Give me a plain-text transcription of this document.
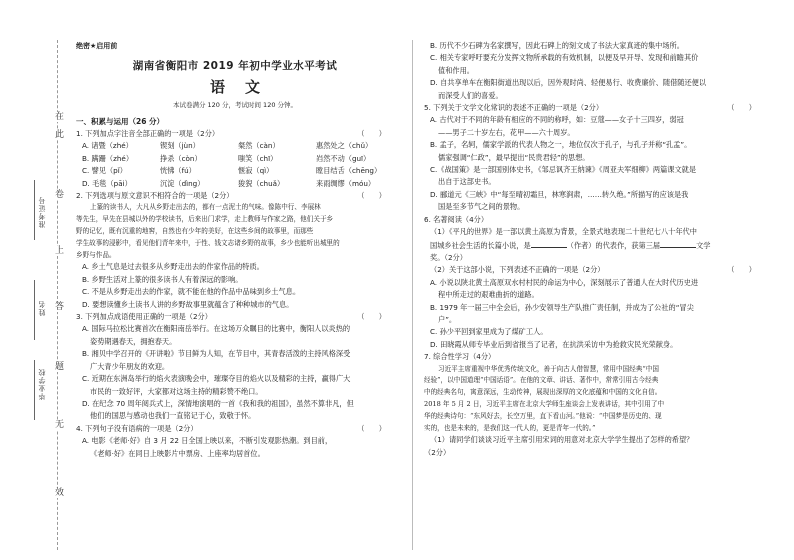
在
此
卷
上
答
题
无
效
准考证号
姓名
毕业学校
绝密★启用前
湖南省衡阳市 2019 年初中学业水平考试
语文
本试卷满分 120 分，考试时间 120 分钟。
一、积累与运用（26 分）
1. 下列加点字注音全部正确的一项是（2分）	（　　）
A. 诸暨（zhé）	锲刻（jùn）	粲然（càn）	惠然处之（chǔ）
B. 蹒跚（zhé）	挣杀（còn）	嗤笑（chī）	岿然不动（guī）
C. 譬见（pǐ）	恍怫（fú）	惬寂（qì）	瞠目结舌（chēng）
D. 毛毯（pāi）	沉淀（dìng）	狻猊（chuǎ）	来雨绸缪（móu）
2. 下列选项与原文意识不相符合的一项是（2分）	（　　）

上篆的读书人，大凡从乡野走出去的，都有一点泥土的气味。像陈中行、李展林

等先生，早先在县城以外的学校读书，后来出门求学，走上教师与作家之路，他们关于乡

野的记忆，既有沉重的地窖，自然也有少年的美好，在这些乡间的故事里，而那些

学生故事的浸影中，看见他们青年来中，于性、钱文志诸乡野的故事，乡少也能听出城里的

乡野与作品。

A. 乡土气息是过去很多从乡野走出去的作家作品的特质。

B. 乡野生活对上篆的很多读书人有着深远的影响。

C. 不是从乡野走出去的作家，就不能在他的作品中品味到乡土气息。

D. 要想读懂乡土读书人讲的乡野故事里就蕴含了种种城市的气息。

3. 下列加点成语使用正确的一项是（2分）	（　　）

A. 国际马拉松比赛首次在衡阳南岳举行。在这场万众瞩目的比赛中，衡阳人以炎热的

姿势期遇春天，拥抱春天。

B. 湘贝中学召开的《开讲啦》节目鲜为人知，在节目中，其青春活泼的主持风格深受

广大青少年朋友的欢迎。

C. 近期在东洲岛举行的焰火表演晚会中，璀璨夺目的焰火以及精彩的主持，赢得广大

市民的一致好评，大家都对这场主持的精彩赞不绝口。

D. 在纪念 70 周年阅兵式上，深情地演唱的一首《我和我的祖国》，虽然不算非凡，但

他们的国思与感动也我们一直铭记于心，致敬于怀。

4. 下列句子没有语病的一项是（2分）	（　　）

A. 电影《老师·好》自 3 月 22 日全国上映以来，不断引发观影热潮。到目前，

《老师·好》在同日上映影片中票房、上座率均居首位。

B. 历代不少石碑为名家撰写，因此石碑上的刻文成了书法大家真迹的集中场所。

C. 相关专家呼吁要充分发挥文物所承载的有效机制，以便及早开导、发现和前瞻其价

值和作用。

D. 自共享单车在衡阳街道出现以后，因外观时尚、轻便易行、收费廉价、随借随还便以

而深受人们的喜爱。

5. 下列关于文学文化常识的表述不正确的一项是（2分）	（　　）

A. 古代对于不同的年龄有相应的不同的称呼，如：豆蔻——女子十三四岁，弱冠

——男子二十岁左右，花甲——六十周岁。

B. 孟子，名轲，儒家学派的代表人物之一，地位仅次于孔子，与孔子并称“孔孟”。

儒家强调“仁政”，最早提出“民贵君轻”的思想。

C.《战国策》是一部国别体史书，《邹忌讽齐王纳谏》《周亚夫军细柳》两篇课文就是

出自于这部史书。

D. 郦道元《三峡》中“每至晴初霜旦，林寒涧肃，……转久绝。”所描写的应该是我

国是至多节气之间的景物。

6. 名著阅读（4分）

（1）《平凡的世界》是一部以黄土高原为背景，全景式地表现二十世纪七八十年代中

国城乡社会生活的长篇小说，是	（作者）的代表作，获第三届	文学

奖。（2分）

（2）关于这部小说，下列表述不正确的一项是（2分）	（　　）

A. 小说以陕北黄土高原双水村村民的命运为中心，深刻展示了普通人在大时代历史进

程中所走过的艰难曲折的道路。

B. 1979 年一届三中全会后，孙少安领导生产队推广责任制，并成为了公社的“冒尖

户”。

C. 孙少平回到家里成为了煤矿工人。

D. 田晓霞从师专毕业后到省报当了记者，在抗洪采访中为抢救灾民光荣献身。

7. 综合性学习（4分）

习近平主席重视中华优秀传统文化，善于向古人借智慧，常用中国经典“中国

经验”，以中国道理“中国话语”。在他的文章、讲话、著作中，常常引用古今经典

中的经典名句，寓意深远，生动传神，展现出深厚的文化底蕴和中国的文化自信。

2018 年 5 月 2 日，习近平主席在北京大学师生座谈会上发表讲话，其中引用了中

华的经典诗句：“东风好去，长空万里，直下看山河。”他说：“中国梦是历史的、现

实的，也是未来的，是我们这一代人的，更是青年一代的。”

（1）请同学们谈谈习近平主席引用宋词的用意对北京大学学生提出了怎样的希望？

（2分）
